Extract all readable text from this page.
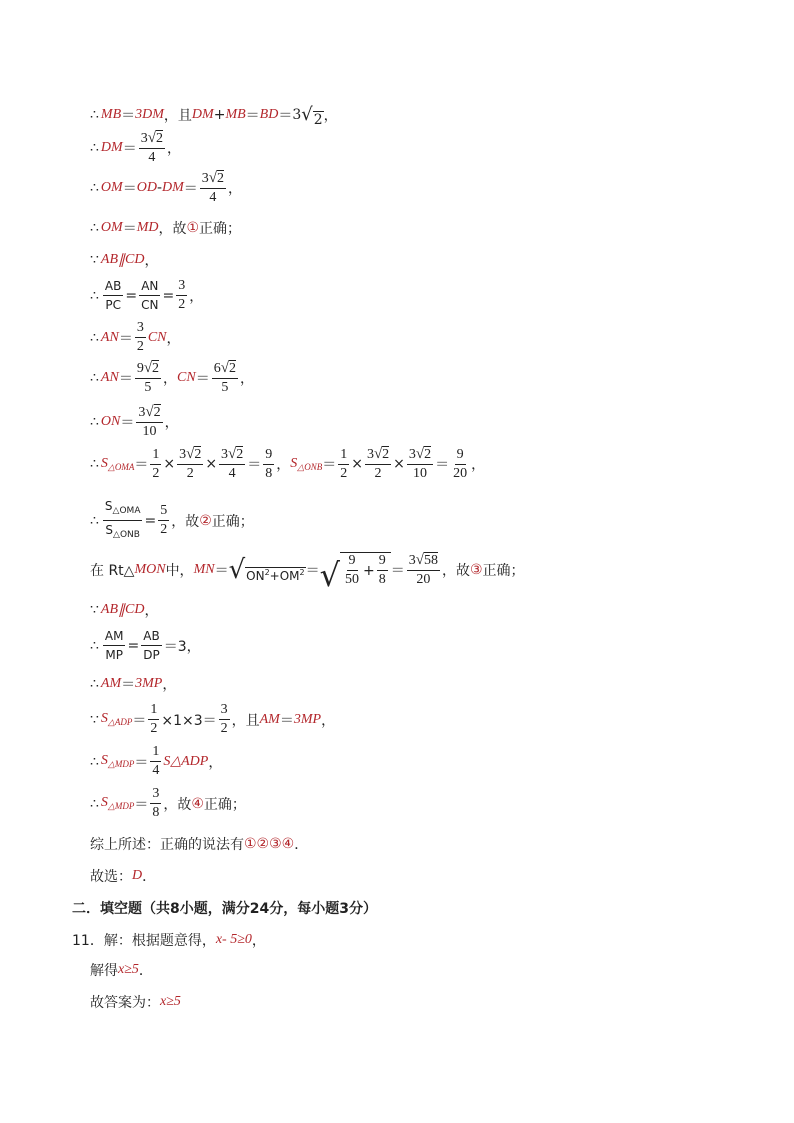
∴ MB ＝ 3DM ，且 DM + MB ＝ BD ＝ 3 √ 2 ，
∴ DM ＝ $\frac{3√2}{4}$ ，
∴ OM ＝ OD - DM ＝ $\frac{3√2}{4}$ ，
∴ OM ＝ MD ，故 ① 正确；
∵ AB ∥ CD ，
∴ $\frac{AB}{PC} = \frac{AN}{CN} = \frac{3}{2}$ ，
∴ AN ＝ $\frac{3}{2}$ CN ，
∴ AN ＝ $\frac{9√2}{5}$ ， CN ＝ $\frac{6√2}{5}$ ，
∴ ON ＝ $\frac{3√2}{10}$ ，
∴ $S_{\triangle OMA} = \frac{1}{2} \times \frac{3√2}{2} \times \frac{3√2}{4} = \frac{9}{8}$ ， $S_{\triangle ONB} = \frac{1}{2} \times \frac{3√2}{2} \times \frac{3√2}{10} = \frac{9}{20}$ ，
∴ $\frac{S_{\triangle OMA}}{S_{\triangle ONB}} = \frac{5}{2}$ ，故 ② 正确；
在 Rt△ MON 中， MN ＝ √ $ON^2+OM^2$ ＝ √ $\frac{9}{50} + \frac{9}{8} = \frac{3√58}{20}$ ，故 ③ 正确；
∵ AB ∥ CD ，
∴ $\frac{AM}{MP} = \frac{AB}{DP} =3$，
∴ AM ＝ 3MP ，
∵ $S_{\triangle ADP} = \frac{1}{2} \times 1\times 3= \frac{3}{2}$ ，且 AM ＝ 3MP ，
∴ $S_{\triangle MDP} = \frac{1}{4}$ S△ADP ，
∴ $S_{\triangle MDP} = \frac{3}{8}$ ，故 ④ 正确；
综上所述：正确的说法有 ①②③④ ．
故选： D ．
二．填空题（共8小题，满分24分，每小题3分）
11．解：根据题意得， x - 5≥0 ，
解得 x≥5 ．
故答案为： x≥5
